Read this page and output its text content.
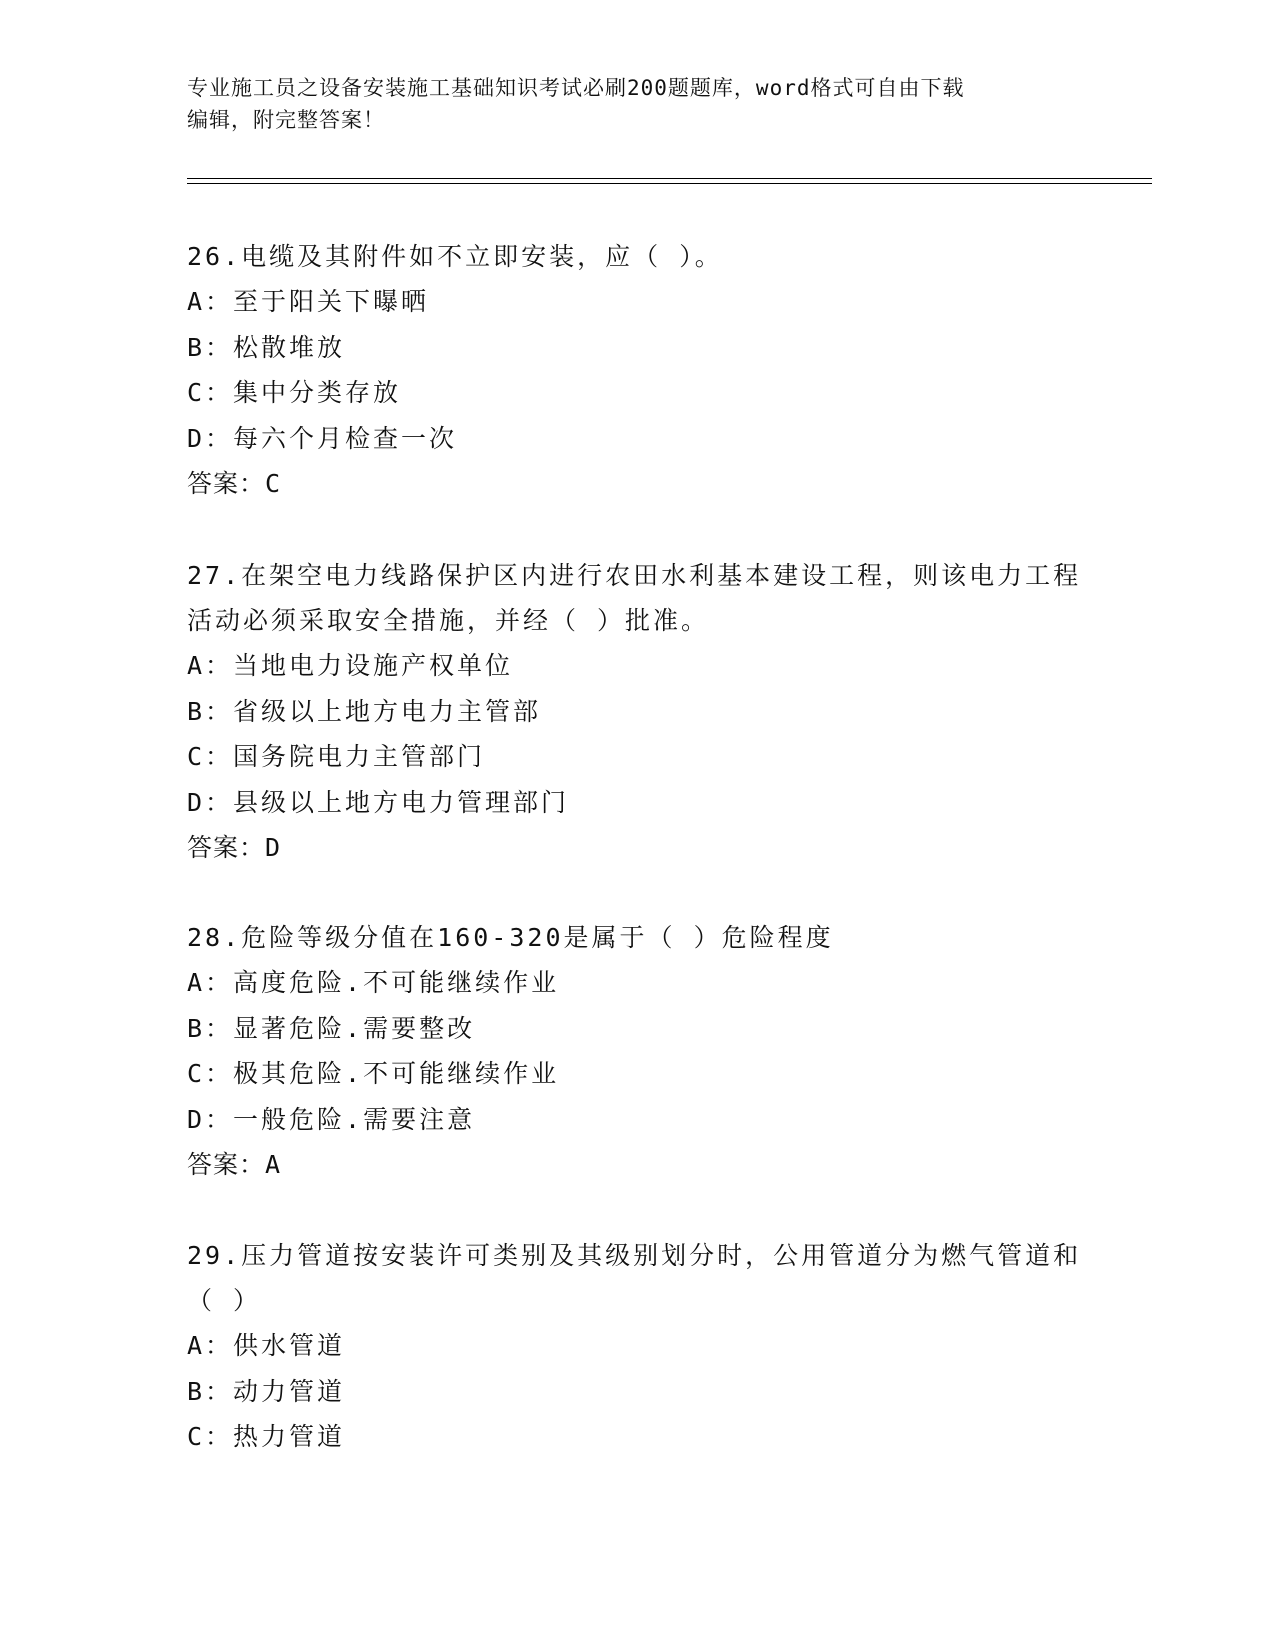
专业施工员之设备安装施工基础知识考试必刷200题题库，word格式可自由下载
编辑，附完整答案！
26.电缆及其附件如不立即安装，应（ ）。
A：至于阳关下曝晒
B：松散堆放
C：集中分类存放
D：每六个月检查一次
答案：C
27.在架空电力线路保护区内进行农田水利基本建设工程，则该电力工程活动必须采取安全措施，并经（ ）批准。
A：当地电力设施产权单位
B：省级以上地方电力主管部
C：国务院电力主管部门
D：县级以上地方电力管理部门
答案：D
28.危险等级分值在160-320是属于（ ）危险程度
A：高度危险.不可能继续作业
B：显著危险.需要整改
C：极其危险.不可能继续作业
D：一般危险.需要注意
答案：A
29.压力管道按安装许可类别及其级别划分时，公用管道分为燃气管道和（ ）
A：供水管道
B：动力管道
C：热力管道
